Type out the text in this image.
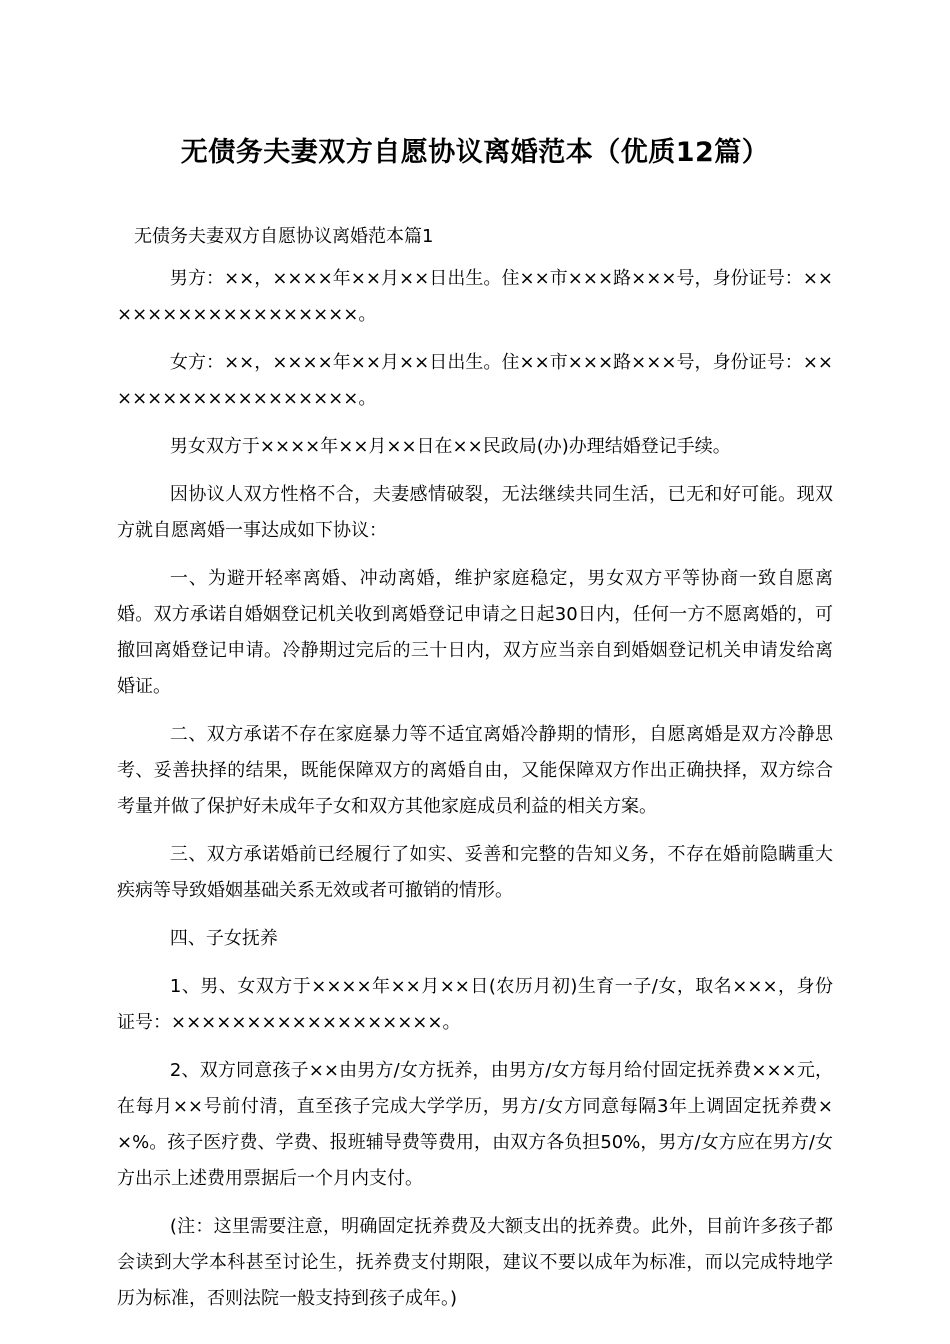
无债务夫妻双方自愿协议离婚范本（优质12篇）
无债务夫妻双方自愿协议离婚范本篇1

男方：××，××××年××月××日出生。住××市×××路×××号，身份证号：××××××××××××××××××。

女方：××，××××年××月××日出生。住××市×××路×××号，身份证号：××××××××××××××××××。

男女双方于××××年××月××日在××民政局(办)办理结婚登记手续。

因协议人双方性格不合，夫妻感情破裂，无法继续共同生活，已无和好可能。现双方就自愿离婚一事达成如下协议：

一、为避开轻率离婚、冲动离婚，维护家庭稳定，男女双方平等协商一致自愿离婚。双方承诺自婚姻登记机关收到离婚登记申请之日起30日内，任何一方不愿离婚的，可撤回离婚登记申请。冷静期过完后的三十日内，双方应当亲自到婚姻登记机关申请发给离婚证。

二、双方承诺不存在家庭暴力等不适宜离婚冷静期的情形，自愿离婚是双方冷静思考、妥善抉择的结果，既能保障双方的离婚自由，又能保障双方作出正确抉择，双方综合考量并做了保护好未成年子女和双方其他家庭成员利益的相关方案。

三、双方承诺婚前已经履行了如实、妥善和完整的告知义务，不存在婚前隐瞒重大疾病等导致婚姻基础关系无效或者可撤销的情形。

四、子女抚养

1、男、女双方于××××年××月××日(农历月初)生育一子/女，取名×××，身份证号：××××××××××××××××××。

2、双方同意孩子××由男方/女方抚养，由男方/女方每月给付固定抚养费×××元，在每月××号前付清，直至孩子完成大学学历，男方/女方同意每隔3年上调固定抚养费××%。孩子医疗费、学费、报班辅导费等费用，由双方各负担50%，男方/女方应在男方/女方出示上述费用票据后一个月内支付。

(注：这里需要注意，明确固定抚养费及大额支出的抚养费。此外，目前许多孩子都会读到大学本科甚至讨论生，抚养费支付期限，建议不要以成年为标准，而以完成特地学历为标准，否则法院一般支持到孩子成年。)
